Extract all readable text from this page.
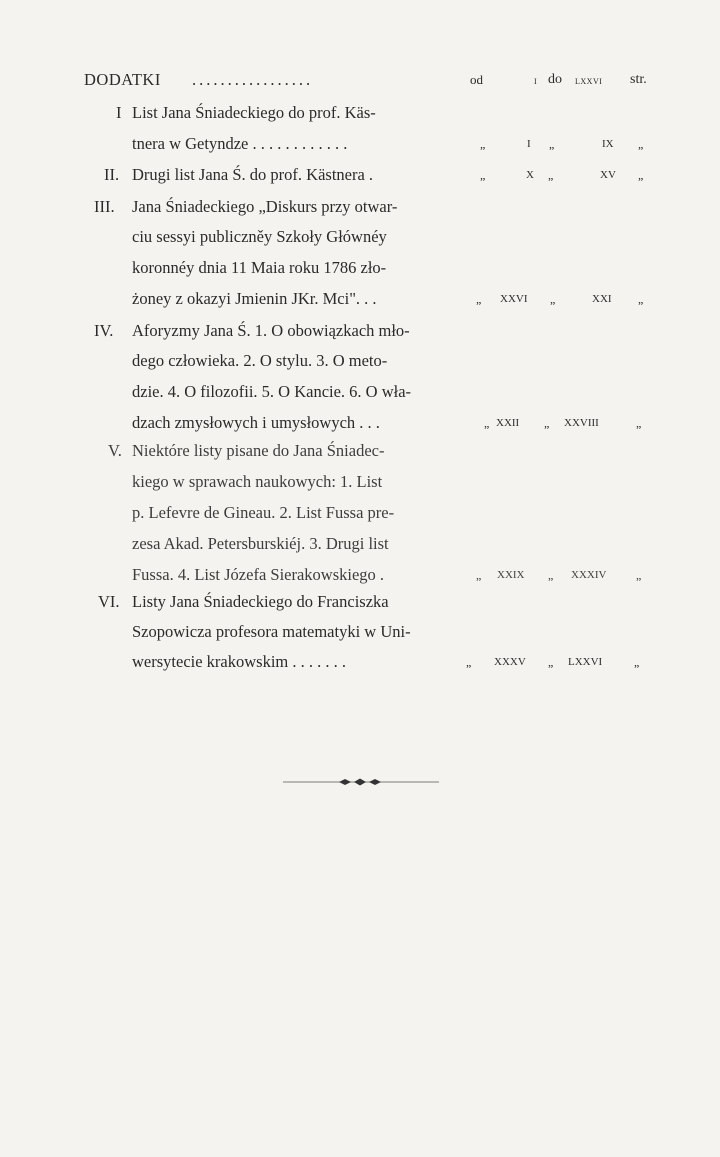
DODATKI .................	od	i do lxxvi str.
I List Jana Śniadeckiego do prof. Käs-
tnera w Getyndze . . . . . . . . . . . .	„	I „	IX „
II. Drugi list Jana Ś. do prof. Kästnera .	„	X „	XV „
III. Jana Śniadeckiego „Diskurs przy otwar-
ciu sessyi publiczněy Szkoły Głównéy
koronnéy dnia 11 Maia roku 1786 zło-
żoney z okazyi Jmienin JKr. Mci". . .	„ XXVI „	XXI „
IV. Aforyzmy Jana Ś. 1. O obowiązkach mło-
dego człowieka. 2. O stylu. 3. O meto-
dzie. 4. O filozofii. 5. O Kancie. 6. O wła-
dzach zmysłowych i umysłowych . . .	„ XXII „ XXVIII	„
V. Niektóre listy pisane do Jana Śniadec-
kiego w sprawach naukowych: 1. List
p. Lefevre de Gineau. 2. List Fussa pre-
zesa Akad. Petersburskiéj. 3. Drugi list
Fussa. 4. List Józefa Sierakowskiego .	„ XXIX „ XXXIV „
VI. Listy Jana Śniadeckiego do Franciszka
Szopowicza profesora matematyki w Uni-
wersytecie krakowskim . . . . . . .	„ XXXV „ LXXVI	„
